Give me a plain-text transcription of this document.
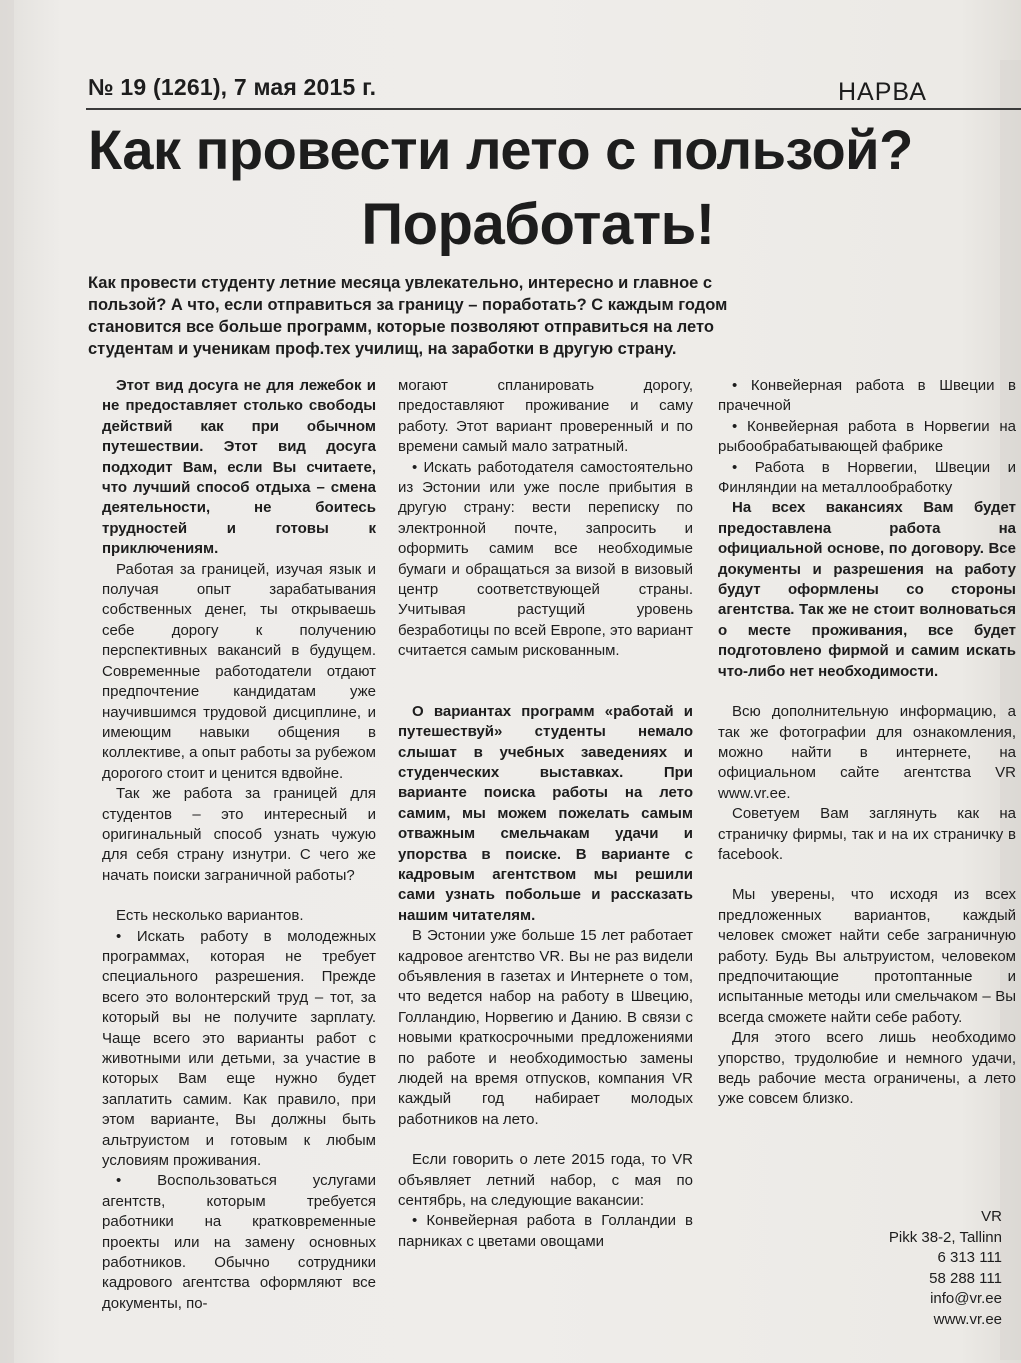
№ 19 (1261), 7 мая 2015 г.	НАРВА
Как провести лето с пользой?
Поработать!
Как провести студенту летние месяца увлекательно, интересно и главное с пользой? А что, если отправиться за границу – поработать? С каждым годом становится все больше программ, которые позволяют отправиться на лето студентам и ученикам проф.тех училищ, на заработки в другую страну.

Этот вид досуга не для лежебок и не предоставляет столько свободы действий как при обычном путешествии. Этот вид досуга подходит Вам, если Вы считаете, что лучший способ отдыха – смена деятельности, не боитесь трудностей и готовы к приключениям.

Работая за границей, изучая язык и получая опыт зарабатывания собственных денег, ты открываешь себе дорогу к получению перспективных вакансий в будущем. Современные работодатели отдают предпочтение кандидатам уже научившимся трудовой дисциплине, и имеющим навыки общения в коллективе, а опыт работы за рубежом дорогого стоит и ценится вдвойне.

Так же работа за границей для студентов – это интересный и оригинальный способ узнать чужую для себя страну изнутри. С чего же начать поиски заграничной работы?

Есть несколько вариантов.

• Искать работу в молодежных программах, которая не требует специального разрешения. Прежде всего это волонтерский труд – тот, за который вы не получите зарплату. Чаще всего это варианты работ с животными или детьми, за участие в которых Вам еще нужно будет заплатить самим. Как правило, при этом варианте, Вы должны быть альтруистом и готовым к любым условиям проживания.

• Воспользоваться услугами агентств, которым требуется работники на кратковременные проекты или на замену основных работников. Обычно сотрудники кадрового агентства оформляют все документы, по-

могают спланировать дорогу, предоставляют проживание и саму работу. Этот вариант проверенный и по времени самый мало затратный.

• Искать работодателя самостоятельно из Эстонии или уже после прибытия в другую страну: вести переписку по электронной почте, запросить и оформить самим все необходимые бумаги и обращаться за визой в визовый центр соответствующей страны. Учитывая растущий уровень безработицы по всей Европе, это вариант считается самым рискованным.

О вариантах программ «работай и путешествуй» студенты немало слышат в учебных заведениях и студенческих выставках. При варианте поиска работы на лето самим, мы можем пожелать самым отважным смельчакам удачи и упорства в поиске. В варианте с кадровым агентством мы решили сами узнать побольше и рассказать нашим читателям.

В Эстонии уже больше 15 лет работает кадровое агентство VR. Вы не раз видели объявления в газетах и Интернете о том, что ведется набор на работу в Швецию, Голландию, Норвегию и Данию. В связи с новыми краткосрочными предложениями по работе и необходимостью замены людей на время отпусков, компания VR каждый год набирает молодых работников на лето.

Если говорить о лете 2015 года, то VR объявляет летний набор, с мая по сентябрь, на следующие вакансии:

• Конвейерная работа в Голландии в парниках с цветами овощами

• Конвейерная работа в Швеции в прачечной

• Конвейерная работа в Норвегии на рыбообрабатывающей фабрике

• Работа в Норвегии, Швеции и Финляндии на металлообработку

На всех вакансиях Вам будет предоставлена работа на официальной основе, по договору. Все документы и разрешения на работу будут оформлены со стороны агентства. Так же не стоит волноваться о месте проживания, все будет подготовлено фирмой и самим искать что-либо нет необходимости.

Всю дополнительную информацию, а так же фотографии для ознакомления, можно найти в интернете, на официальном сайте агентства VR www.vr.ee.

Советуем Вам заглянуть как на страничку фирмы, так и на их страничку в facebook.

Мы уверены, что исходя из всех предложенных вариантов, каждый человек сможет найти себе заграничную работу. Будь Вы альтруистом, человеком предпочитающие протоптанные и испытанные методы или смельчаком – Вы всегда сможете найти себе работу.

Для этого всего лишь необходимо упорство, трудолюбие и немного удачи, ведь рабочие места ограничены, а лето уже совсем близко.

VR
Pikk 38-2, Tallinn
6 313 111
58 288 111
info@vr.ee
www.vr.ee
